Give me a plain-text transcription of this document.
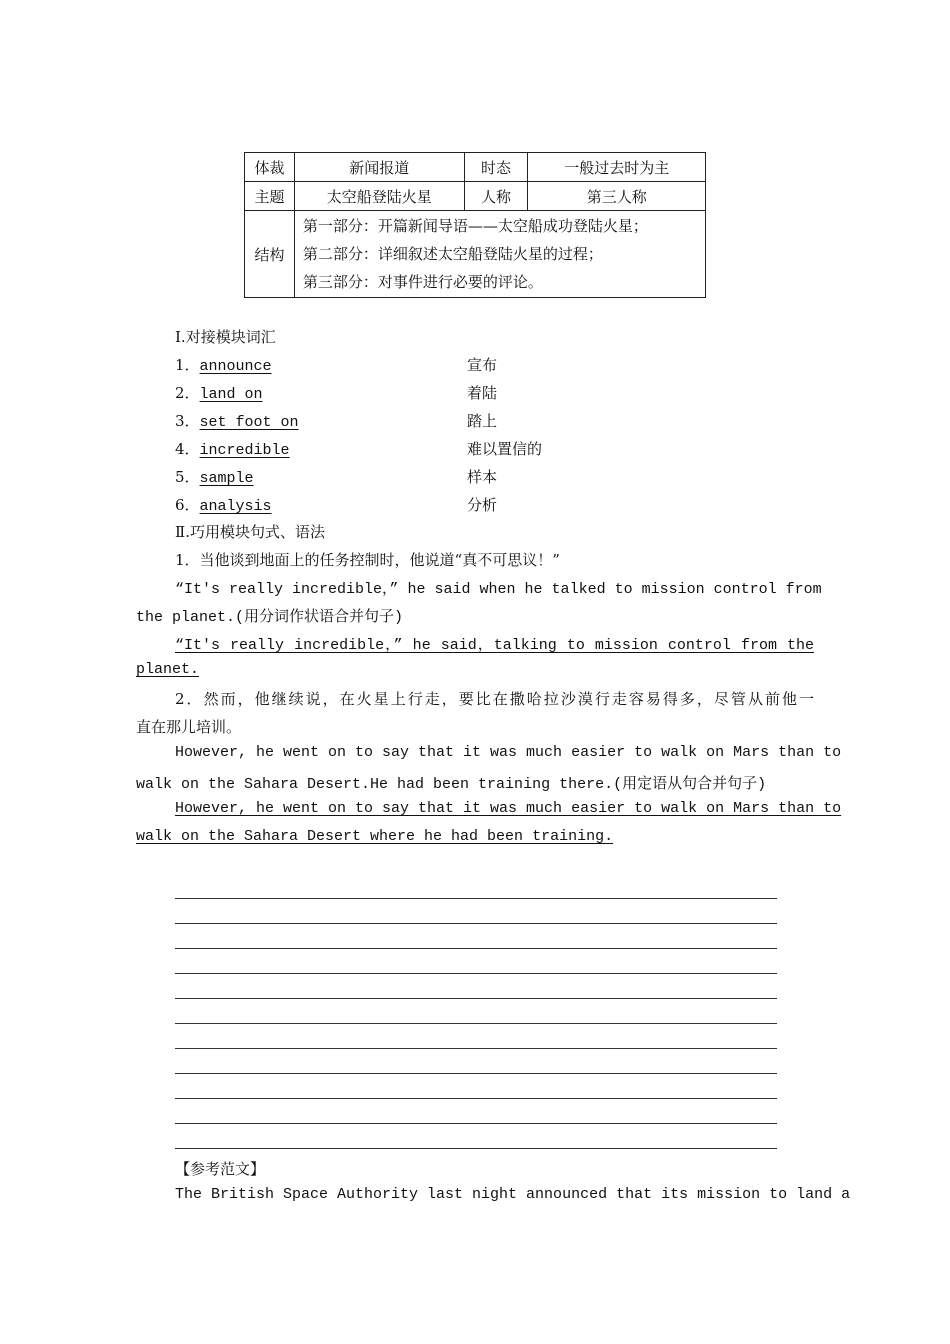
体裁	新闻报道	时态	一般过去时为主
主题	太空船登陆火星	人称	第三人称
结构	第一部分：开篇新闻导语——太空船成功登陆火星；
第二部分：详细叙述太空船登陆火星的过程；
第三部分：对事件进行必要的评论。		
Ⅰ.对接模块词汇
1．announce	宣布
2．land on	着陆
3．set foot on	踏上
4．incredible	难以置信的
5．sample	样本
6．analysis	分析
Ⅱ.巧用模块句式、语法
1．当他谈到地面上的任务控制时，他说道“真不可思议！”
“It's really incredible，” he said when he talked to mission control from
the planet.(用分词作状语合并句子)
“It's really incredible，” he said，talking to mission control from the
planet.
2．然而，他继续说，在火星上行走，要比在撒哈拉沙漠行走容易得多，尽管从前他一
直在那儿培训。
However, he went on to say that it was much easier to walk on Mars than to
walk on the Sahara Desert.He had been training there.(用定语从句合并句子)
However, he went on to say that it was much easier to walk on Mars than to
walk on the Sahara Desert where he had been training.
【参考范文】
The British Space Authority last night announced that its mission to land a
